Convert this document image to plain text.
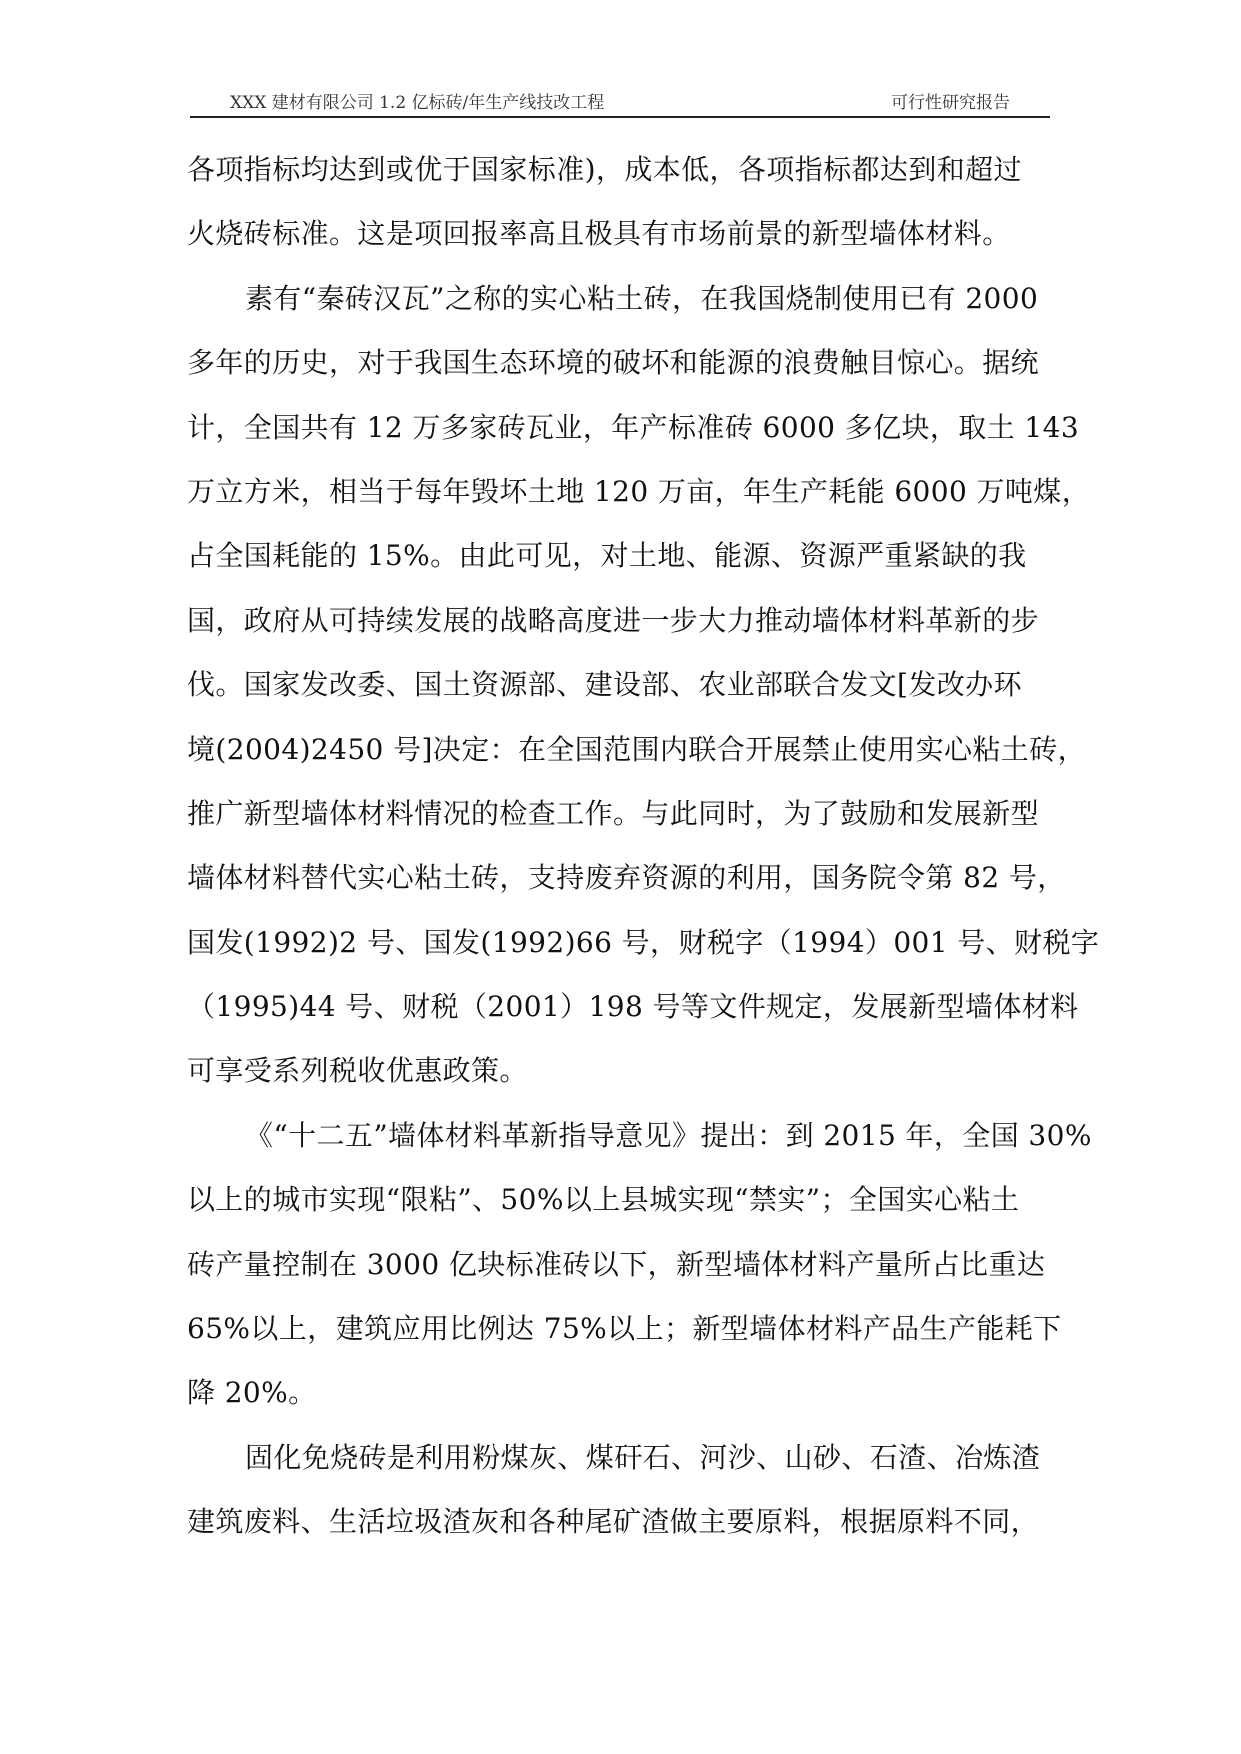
XXX 建材有限公司 1.2 亿标砖/年生产线技改工程	可行性研究报告
各项指标均达到或优于国家标准)，成本低，各项指标都达到和超过
火烧砖标准。这是项回报率高且极具有市场前景的新型墙体材料。
素有“秦砖汉瓦”之称的实心粘土砖，在我国烧制使用已有 2000
多年的历史，对于我国生态环境的破坏和能源的浪费触目惊心。据统
计，全国共有 12 万多家砖瓦业，年产标准砖 6000 多亿块，取土 143
万立方米，相当于每年毁坏土地 120 万亩，年生产耗能 6000 万吨煤，
占全国耗能的 15%。由此可见，对土地、能源、资源严重紧缺的我
国，政府从可持续发展的战略高度进一步大力推动墙体材料革新的步
伐。国家发改委、国土资源部、建设部、农业部联合发文[发改办环
境(2004)2450 号]决定：在全国范围内联合开展禁止使用实心粘土砖，
推广新型墙体材料情况的检查工作。与此同时，为了鼓励和发展新型
墙体材料替代实心粘土砖，支持废弃资源的利用，国务院令第 82 号，
国发(1992)2 号、国发(1992)66 号，财税字（1994）001 号、财税字
（1995)44 号、财税（2001）198 号等文件规定，发展新型墙体材料
可享受系列税收优惠政策。
《“十二五”墙体材料革新指导意见》提出：到 2015 年，全国 30%
以上的城市实现“限粘”、50%以上县城实现“禁实”；全国实心粘土
砖产量控制在 3000 亿块标准砖以下，新型墙体材料产量所占比重达
65%以上，建筑应用比例达 75%以上；新型墙体材料产品生产能耗下
降 20%。
固化免烧砖是利用粉煤灰、煤矸石、河沙、山砂、石渣、冶炼渣
建筑废料、生活垃圾渣灰和各种尾矿渣做主要原料，根据原料不同，
